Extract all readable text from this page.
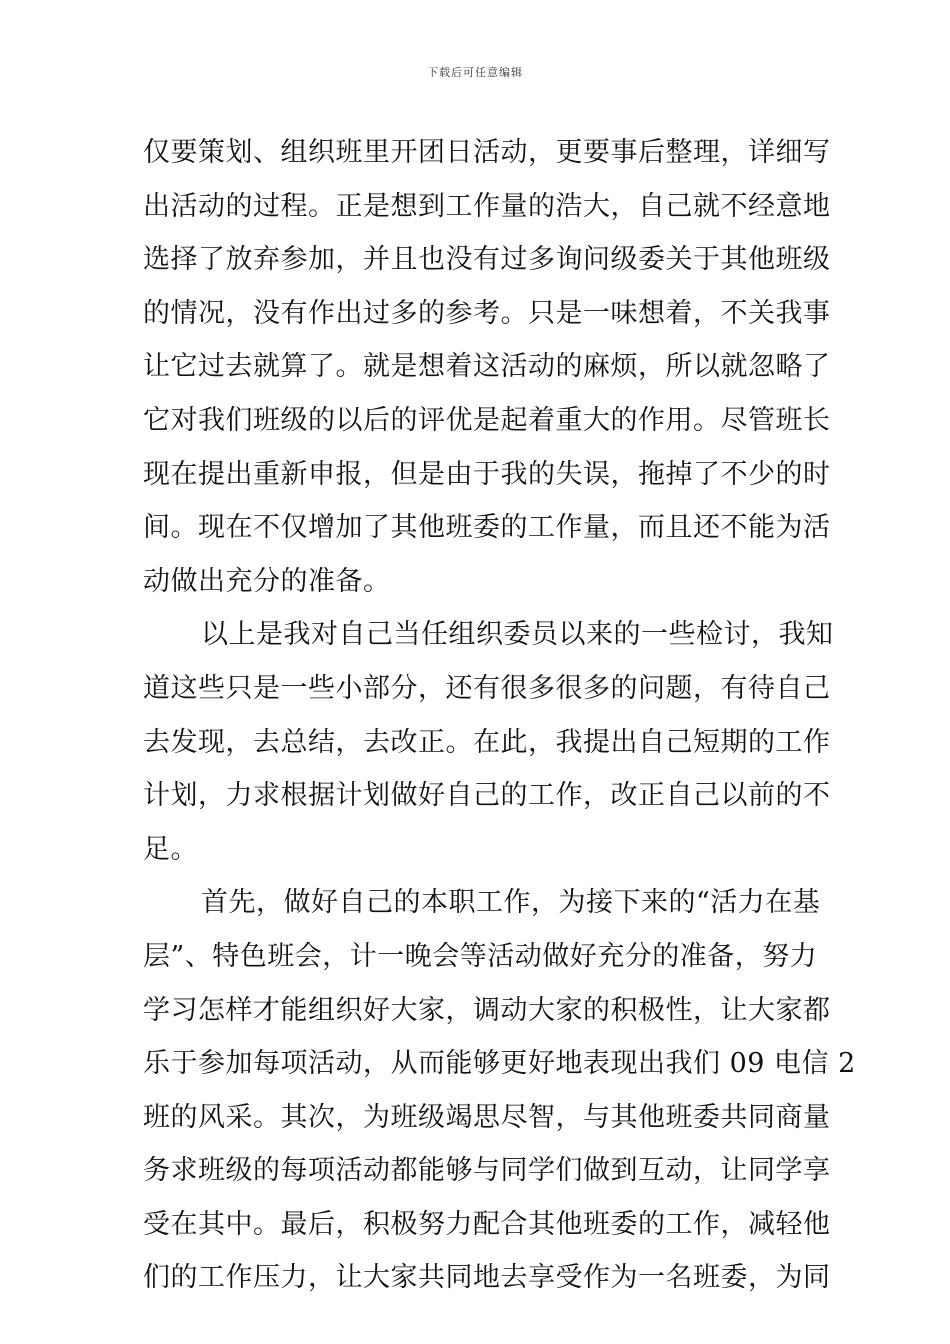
下载后可任意编辑
仅要策划、组织班里开团日活动，更要事后整理，详细写
出活动的过程。正是想到工作量的浩大，自己就不经意地
选择了放弃参加，并且也没有过多询问级委关于其他班级
的情况，没有作出过多的参考。只是一味想着，不关我事
让它过去就算了。就是想着这活动的麻烦，所以就忽略了
它对我们班级的以后的评优是起着重大的作用。尽管班长
现在提出重新申报，但是由于我的失误，拖掉了不少的时
间。现在不仅增加了其他班委的工作量，而且还不能为活
动做出充分的准备。
以上是我对自己当任组织委员以来的一些检讨，我知
道这些只是一些小部分，还有很多很多的问题，有待自己
去发现，去总结，去改正。在此，我提出自己短期的工作
计划，力求根据计划做好自己的工作，改正自己以前的不
足。
首先，做好自己的本职工作，为接下来的“活力在基
层”、特色班会，计一晚会等活动做好充分的准备，努力
学习怎样才能组织好大家，调动大家的积极性，让大家都
乐于参加每项活动，从而能够更好地表现出我们 09 电信 2
班的风采。其次，为班级竭思尽智，与其他班委共同商量
务求班级的每项活动都能够与同学们做到互动，让同学享
受在其中。最后，积极努力配合其他班委的工作，减轻他
们的工作压力，让大家共同地去享受作为一名班委，为同
